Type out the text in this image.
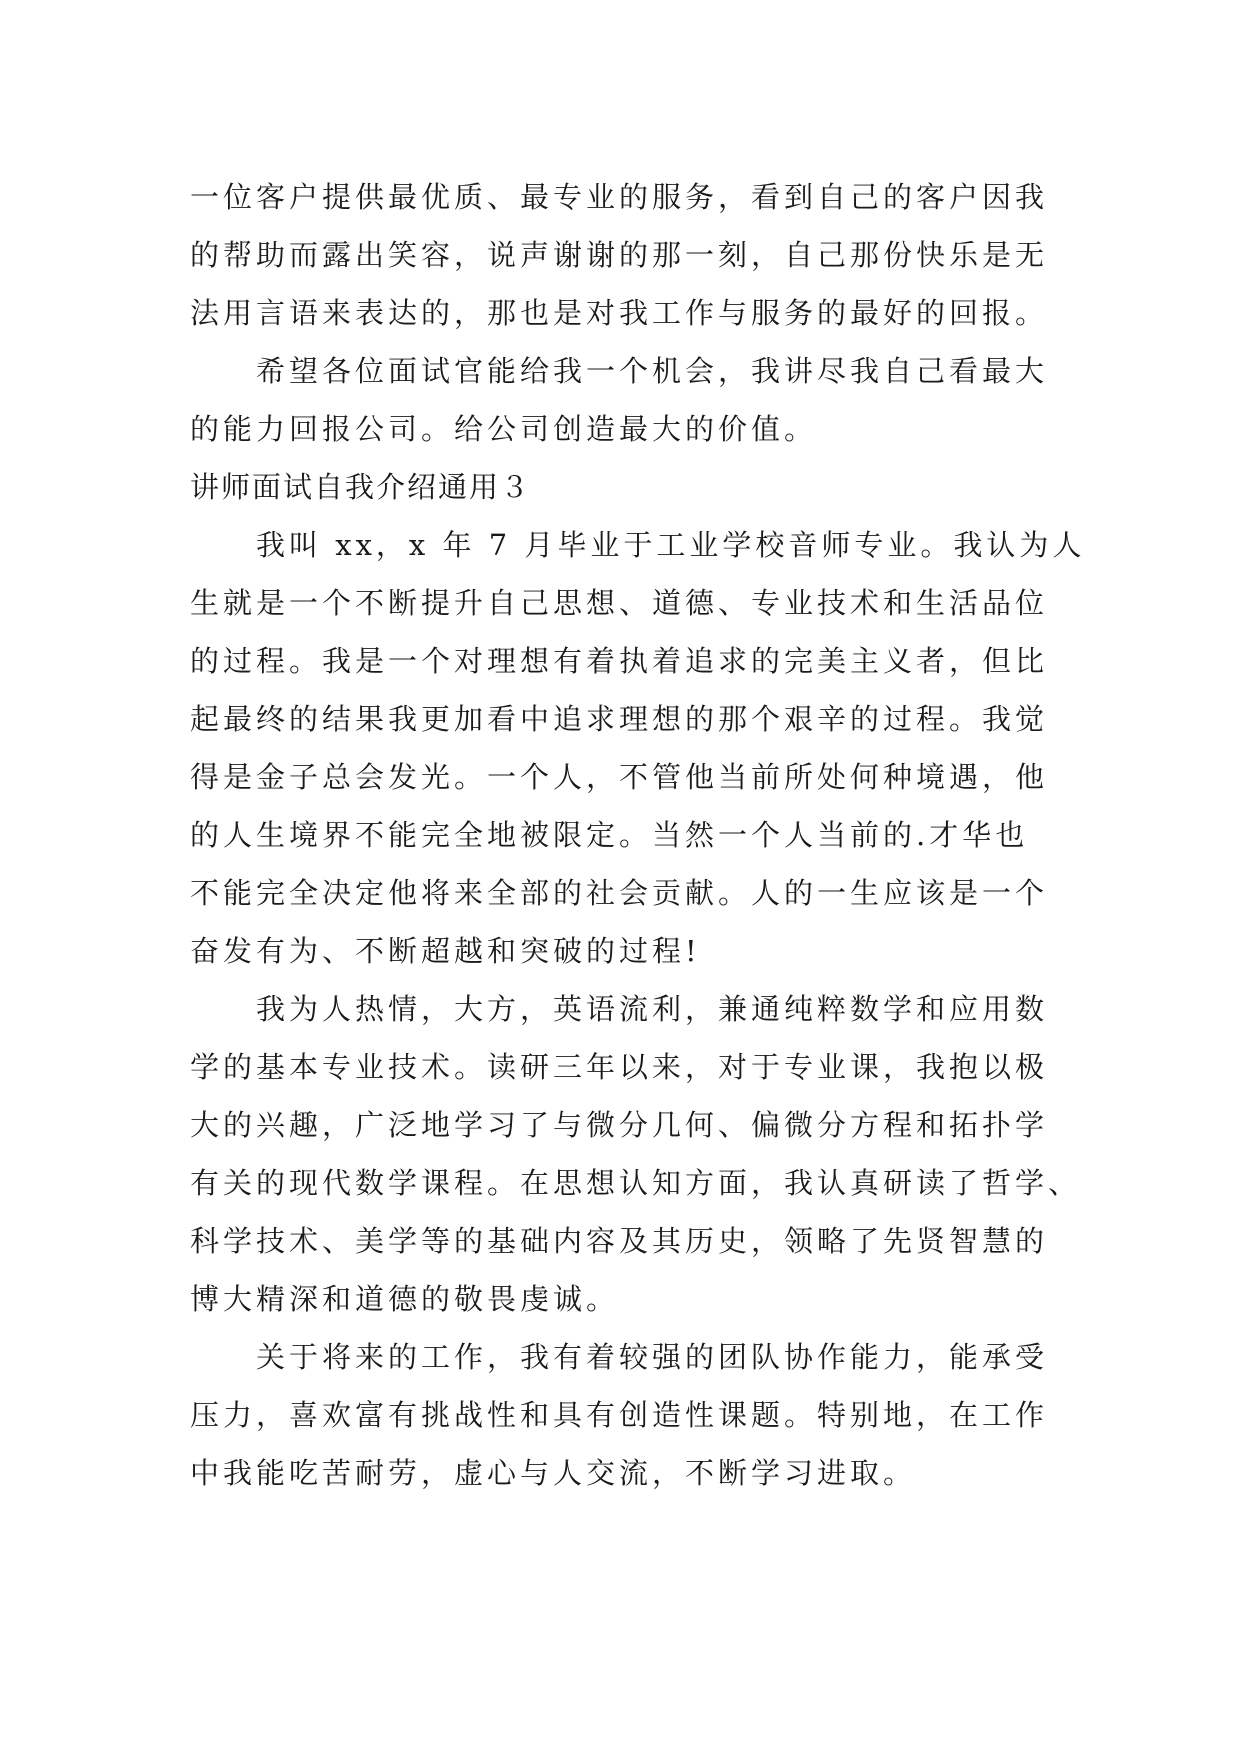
一位客户提供最优质、最专业的服务，看到自己的客户因我
的帮助而露出笑容，说声谢谢的那一刻，自己那份快乐是无
法用言语来表达的，那也是对我工作与服务的最好的回报。
希望各位面试官能给我一个机会，我讲尽我自己看最大
的能力回报公司。给公司创造最大的价值。
讲师面试自我介绍通用３
我叫 xx，x 年 7 月毕业于工业学校音师专业。我认为人
生就是一个不断提升自己思想、道德、专业技术和生活品位
的过程。我是一个对理想有着执着追求的完美主义者，但比
起最终的结果我更加看中追求理想的那个艰辛的过程。我觉
得是金子总会发光。一个人，不管他当前所处何种境遇，他
的人生境界不能完全地被限定。当然一个人当前的.才华也
不能完全决定他将来全部的社会贡献。人的一生应该是一个
奋发有为、不断超越和突破的过程!
我为人热情，大方，英语流利，兼通纯粹数学和应用数
学的基本专业技术。读研三年以来，对于专业课，我抱以极
大的兴趣，广泛地学习了与微分几何、偏微分方程和拓扑学
有关的现代数学课程。在思想认知方面，我认真研读了哲学、
科学技术、美学等的基础内容及其历史，领略了先贤智慧的
博大精深和道德的敬畏虔诚。
关于将来的工作，我有着较强的团队协作能力，能承受
压力，喜欢富有挑战性和具有创造性课题。特别地，在工作
中我能吃苦耐劳，虚心与人交流，不断学习进取。
